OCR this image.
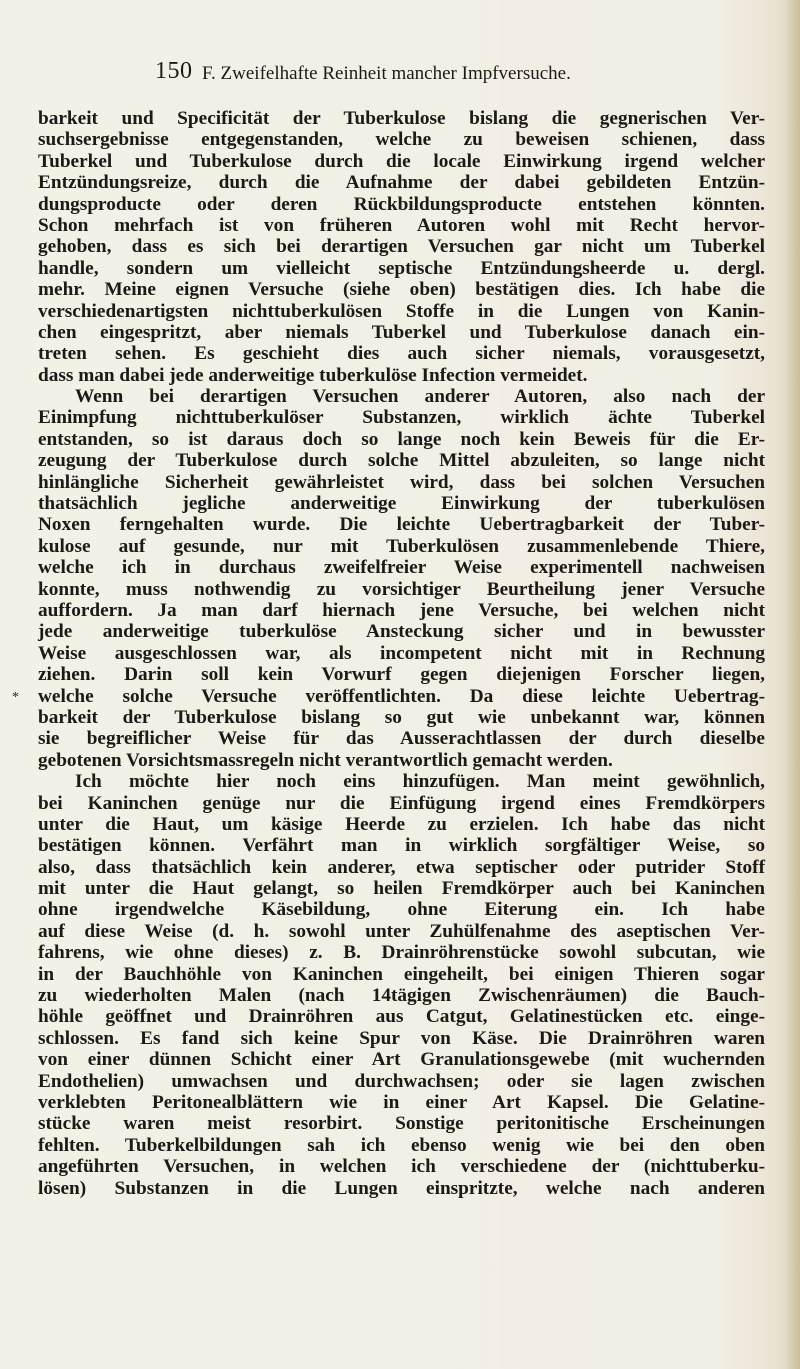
150 F. Zweifelhafte Reinheit mancher Impfversuche.
*
barkeit und Specificität der Tuberkulose bislang die gegnerischen Ver-
suchsergebnisse entgegenstanden, welche zu beweisen schienen, dass
Tuberkel und Tuberkulose durch die locale Einwirkung irgend welcher
Entzündungsreize, durch die Aufnahme der dabei gebildeten Entzün-
dungsproducte oder deren Rückbildungsproducte entstehen könnten.
Schon mehrfach ist von früheren Autoren wohl mit Recht hervor-
gehoben, dass es sich bei derartigen Versuchen gar nicht um Tuberkel
handle, sondern um vielleicht septische Entzündungsheerde u. dergl.
mehr. Meine eignen Versuche (siehe oben) bestätigen dies. Ich habe die
verschiedenartigsten nichttuberkulösen Stoffe in die Lungen von Kanin-
chen eingespritzt, aber niemals Tuberkel und Tuberkulose danach ein-
treten sehen. Es geschieht dies auch sicher niemals, vorausgesetzt,
dass man dabei jede anderweitige tuberkulöse Infection vermeidet.
Wenn bei derartigen Versuchen anderer Autoren, also nach der
Einimpfung nichttuberkulöser Substanzen, wirklich ächte Tuberkel
entstanden, so ist daraus doch so lange noch kein Beweis für die Er-
zeugung der Tuberkulose durch solche Mittel abzuleiten, so lange nicht
hinlängliche Sicherheit gewährleistet wird, dass bei solchen Versuchen
thatsächlich jegliche anderweitige Einwirkung der tuberkulösen
Noxen ferngehalten wurde. Die leichte Uebertragbarkeit der Tuber-
kulose auf gesunde, nur mit Tuberkulösen zusammenlebende Thiere,
welche ich in durchaus zweifelfreier Weise experimentell nachweisen
konnte, muss nothwendig zu vorsichtiger Beurtheilung jener Versuche
auffordern. Ja man darf hiernach jene Versuche, bei welchen nicht
jede anderweitige tuberkulöse Ansteckung sicher und in bewusster
Weise ausgeschlossen war, als incompetent nicht mit in Rechnung
ziehen. Darin soll kein Vorwurf gegen diejenigen Forscher liegen,
welche solche Versuche veröffentlichten. Da diese leichte Uebertrag-
barkeit der Tuberkulose bislang so gut wie unbekannt war, können
sie begreiflicher Weise für das Ausserachtlassen der durch dieselbe
gebotenen Vorsichtsmassregeln nicht verantwortlich gemacht werden.
Ich möchte hier noch eins hinzufügen. Man meint gewöhnlich,
bei Kaninchen genüge nur die Einfügung irgend eines Fremdkörpers
unter die Haut, um käsige Heerde zu erzielen. Ich habe das nicht
bestätigen können. Verfährt man in wirklich sorgfältiger Weise, so
also, dass thatsächlich kein anderer, etwa septischer oder putrider Stoff
mit unter die Haut gelangt, so heilen Fremdkörper auch bei Kaninchen
ohne irgendwelche Käsebildung, ohne Eiterung ein. Ich habe
auf diese Weise (d. h. sowohl unter Zuhülfenahme des aseptischen Ver-
fahrens, wie ohne dieses) z. B. Drainröhrenstücke sowohl subcutan, wie
in der Bauchhöhle von Kaninchen eingeheilt, bei einigen Thieren sogar
zu wiederholten Malen (nach 14tägigen Zwischenräumen) die Bauch-
höhle geöffnet und Drainröhren aus Catgut, Gelatinestücken etc. einge-
schlossen. Es fand sich keine Spur von Käse. Die Drainröhren waren
von einer dünnen Schicht einer Art Granulationsgewebe (mit wuchernden
Endothelien) umwachsen und durchwachsen; oder sie lagen zwischen
verklebten Peritonealblättern wie in einer Art Kapsel. Die Gelatine-
stücke waren meist resorbirt. Sonstige peritonitische Erscheinungen
fehlten. Tuberkelbildungen sah ich ebenso wenig wie bei den oben
angeführten Versuchen, in welchen ich verschiedene der (nichttuberku-
lösen) Substanzen in die Lungen einspritzte, welche nach anderen
